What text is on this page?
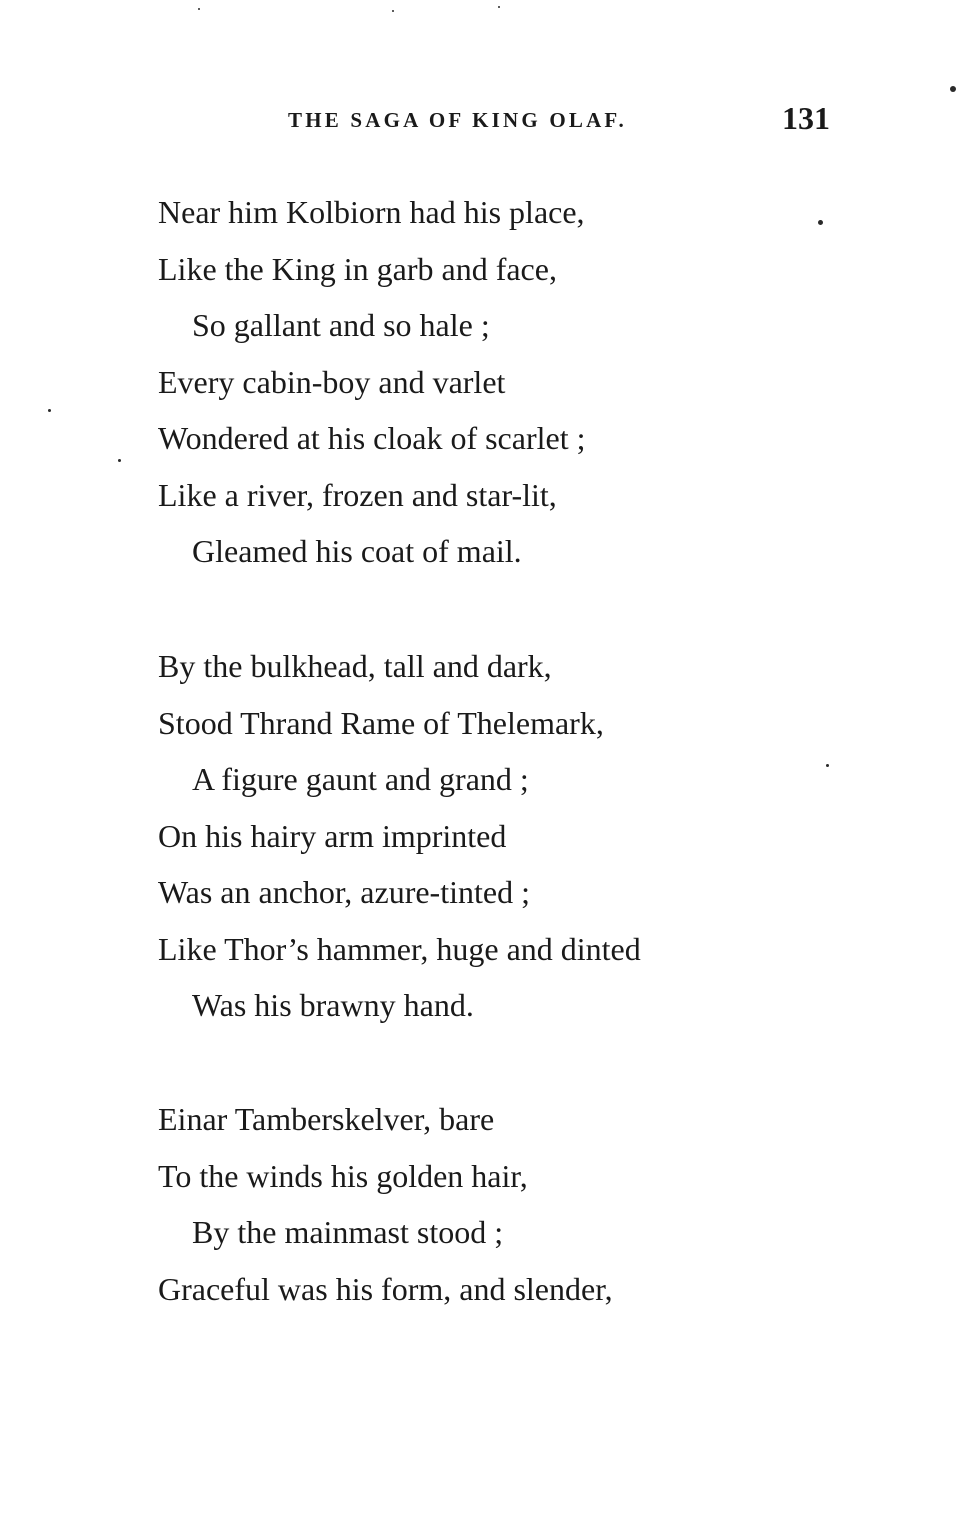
THE SAGA OF KING OLAF.	131
Near him Kolbiorn had his place,
Like the King in garb and face,
So gallant and so hale ;
Every cabin-boy and varlet
Wondered at his cloak of scarlet ;
Like a river, frozen and star-lit,
Gleamed his coat of mail.
By the bulkhead, tall and dark,
Stood Thrand Rame of Thelemark,
A figure gaunt and grand ;
On his hairy arm imprinted
Was an anchor, azure-tinted ;
Like Thor’s hammer, huge and dinted
Was his brawny hand.
Einar Tamberskelver, bare
To the winds his golden hair,
By the mainmast stood ;
Graceful was his form, and slender,
